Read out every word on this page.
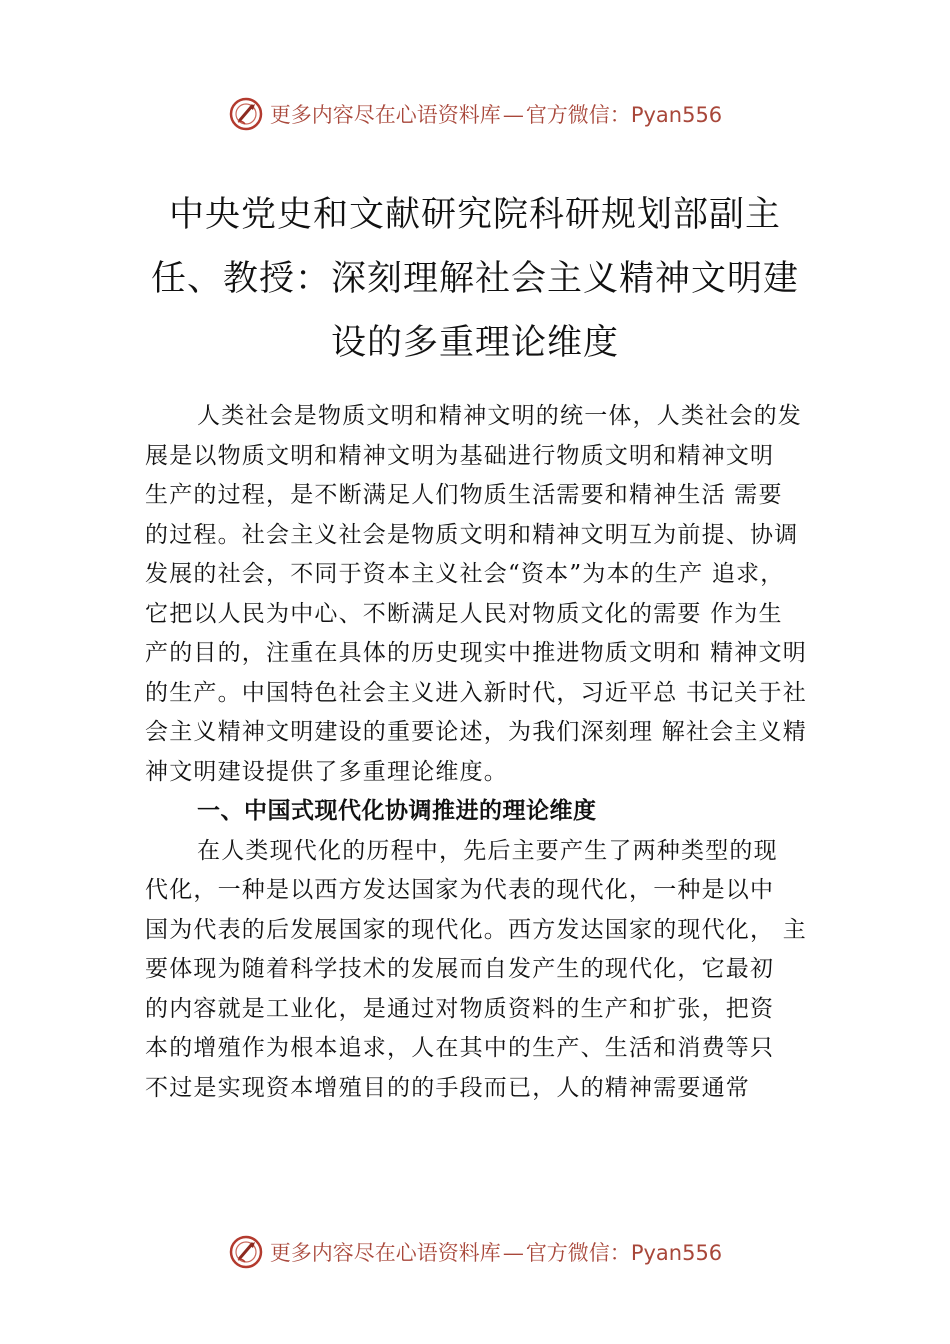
更多内容尽在心语资料库—官方微信：Pyan556
中央党史和文献研究院科研规划部副主
任、教授：深刻理解社会主义精神文明建
设的多重理论维度
人类社会是物质文明和精神文明的统一体，人类社会的发
展是以物质文明和精神文明为基础进行物质文明和精神文明
生产的过程，是不断满足人们物质生活需要和精神生活 需要
的过程。社会主义社会是物质文明和精神文明互为前提、协调
发展的社会，不同于资本主义社会“资本”为本的生产 追求，
它把以人民为中心、不断满足人民对物质文化的需要 作为生
产的目的，注重在具体的历史现实中推进物质文明和 精神文明
的生产。中国特色社会主义进入新时代，习近平总 书记关于社
会主义精神文明建设的重要论述，为我们深刻理 解社会主义精
神文明建设提供了多重理论维度。
一、中国式现代化协调推进的理论维度
在人类现代化的历程中，先后主要产生了两种类型的现
代化，一种是以西方发达国家为代表的现代化，一种是以中
国为代表的后发展国家的现代化。西方发达国家的现代化， 主
要体现为随着科学技术的发展而自发产生的现代化，它最初
的内容就是工业化，是通过对物质资料的生产和扩张，把资
本的增殖作为根本追求，人在其中的生产、生活和消费等只
不过是实现资本增殖目的的手段而已，人的精神需要通常
更多内容尽在心语资料库—官方微信：Pyan556
